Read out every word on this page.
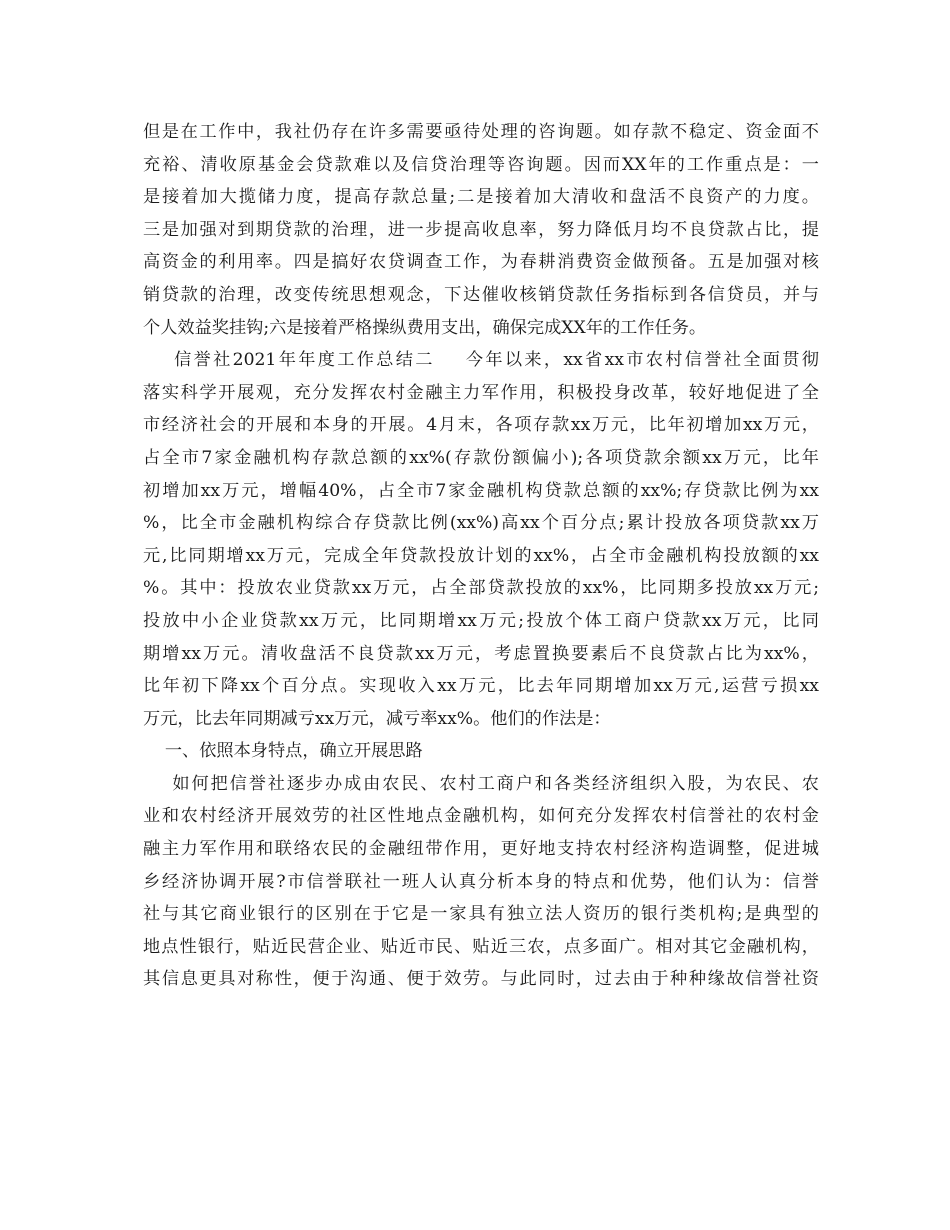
但是在工作中，我社仍存在许多需要亟待处理的咨询题。如存款不稳定、资金面不
充裕、清收原基金会贷款难以及信贷治理等咨询题。因而XX年的工作重点是：一
是接着加大揽储力度，提高存款总量;二是接着加大清收和盘活不良资产的力度。
三是加强对到期贷款的治理，进一步提高收息率，努力降低月均不良贷款占比，提
高资金的利用率。四是搞好农贷调查工作，为春耕消费资金做预备。五是加强对核
销贷款的治理，改变传统思想观念，下达催收核销贷款任务指标到各信贷员，并与
个人效益奖挂钩;六是接着严格操纵费用支出，确保完成XX年的工作任务。
信誉社2021年年度工作总结二    今年以来，xx省xx市农村信誉社全面贯彻
落实科学开展观，充分发挥农村金融主力军作用，积极投身改革，较好地促进了全
市经济社会的开展和本身的开展。4月末，各项存款xx万元，比年初增加xx万元，
占全市7家金融机构存款总额的xx%(存款份额偏小);各项贷款余额xx万元，比年
初增加xx万元，增幅40%，占全市7家金融机构贷款总额的xx%;存贷款比例为xx
%，比全市金融机构综合存贷款比例(xx%)高xx个百分点;累计投放各项贷款xx万
元,比同期增xx万元，完成全年贷款投放计划的xx%，占全市金融机构投放额的xx
%。其中：投放农业贷款xx万元，占全部贷款投放的xx%，比同期多投放xx万元;
投放中小企业贷款xx万元，比同期增xx万元;投放个体工商户贷款xx万元，比同
期增xx万元。清收盘活不良贷款xx万元，考虑置换要素后不良贷款占比为xx%，
比年初下降xx个百分点。实现收入xx万元，比去年同期增加xx万元,运营亏损xx
万元，比去年同期减亏xx万元，减亏率xx%。他们的作法是：
一、依照本身特点，确立开展思路
如何把信誉社逐步办成由农民、农村工商户和各类经济组织入股，为农民、农
业和农村经济开展效劳的社区性地点金融机构，如何充分发挥农村信誉社的农村金
融主力军作用和联络农民的金融纽带作用，更好地支持农村经济构造调整，促进城
乡经济协调开展?市信誉联社一班人认真分析本身的特点和优势，他们认为：信誉
社与其它商业银行的区别在于它是一家具有独立法人资历的银行类机构;是典型的
地点性银行，贴近民营企业、贴近市民、贴近三农，点多面广。相对其它金融机构，
其信息更具对称性，便于沟通、便于效劳。与此同时，过去由于种种缘故信誉社资
